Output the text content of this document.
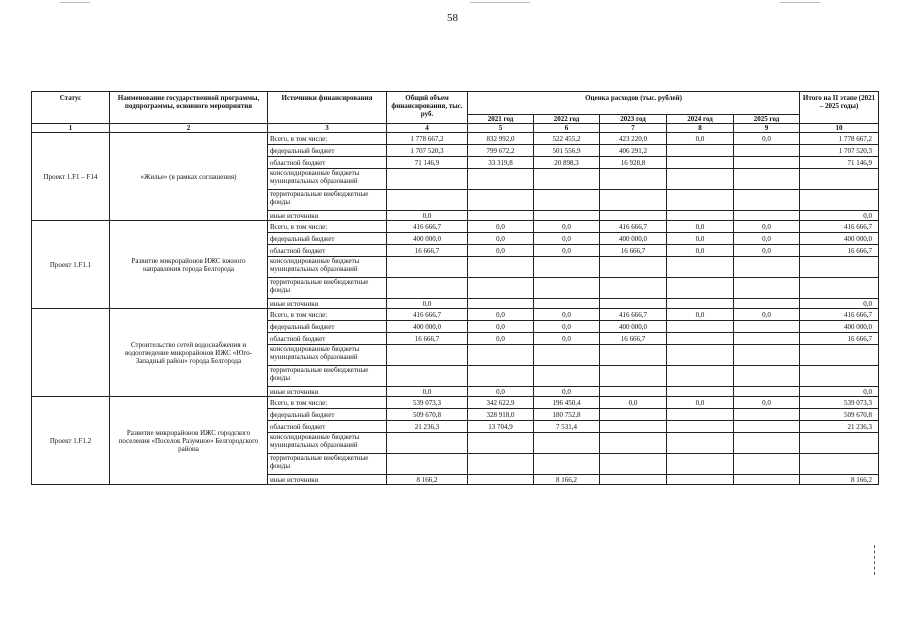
58
Статус	Наименование государственной программы, подпрограммы, основного мероприятия	Источники финансирования	Общий объем финансирования, тыс. руб.	Оценка расходов (тыс. рублей)					Итого на II этапе (2021 – 2025 годы)
				2021 год	2022 год	2023 год	2024 год	2025 год	
1	2	3	4	5	6	7	8	9	10
Проект 1.F1 – F14	«Жилье» (в рамках соглашения)	Всего, в том числе:	1 778 667,2	832 992,0	522 455,2	423 220,0	0,0	0,0	1 778 667,2
		федеральный бюджет	1 707 520,3	799 672,2	501 556,9	406 291,2			1 707 520,3
		областной бюджет	71 146,9	33 319,8	20 898,3	16 928,8			71 146,9
		консолидированные бюджеты муниципальных образований							
		территориальные внебюджетные фонды							
		иные источники	0,0						0,0
Проект 1.F1.1	Развитие микрорайонов ИЖС южного направления города Белгорода	Всего, в том числе:	416 666,7	0,0	0,0	416 666,7	0,0	0,0	416 666,7
		федеральный бюджет	400 000,0	0,0	0,0	400 000,0	0,0	0,0	400 000,0
		областной бюджет	16 666,7	0,0	0,0	16 666,7	0,0	0,0	16 666,7
		консолидированные бюджеты муниципальных образований							
		территориальные внебюджетные фонды							
		иные источники	0,0						0,0
	Строительство сетей водоснабжения и водоотведение микрорайонов ИЖС «Юго-Западный район» города Белгорода	Всего, в том числе:	416 666,7	0,0	0,0	416 666,7	0,0	0,0	416 666,7
		федеральный бюджет	400 000,0	0,0	0,0	400 000,0			400 000,0
		областной бюджет	16 666,7	0,0	0,0	16 666,7			16 666,7
		консолидированные бюджеты муниципальных образований							
		территориальные внебюджетные фонды							
		иные источники	0,0	0,0	0,0				0,0
Проект 1.F1.2	Развитие микрорайонов ИЖС городского поселения «Поселок Разумное» Белгородского района	Всего, в том числе:	539 073,3	342 622,9	196 450,4	0,0	0,0	0,0	539 073,3
		федеральный бюджет	509 670,8	328 918,0	180 752,8				509 670,8
		областной бюджет	21 236,3	13 704,9	7 531,4				21 236,3
		консолидированные бюджеты муниципальных образований							
		территориальные внебюджетные фонды							
		иные источники	8 166,2		8 166,2				8 166,2
